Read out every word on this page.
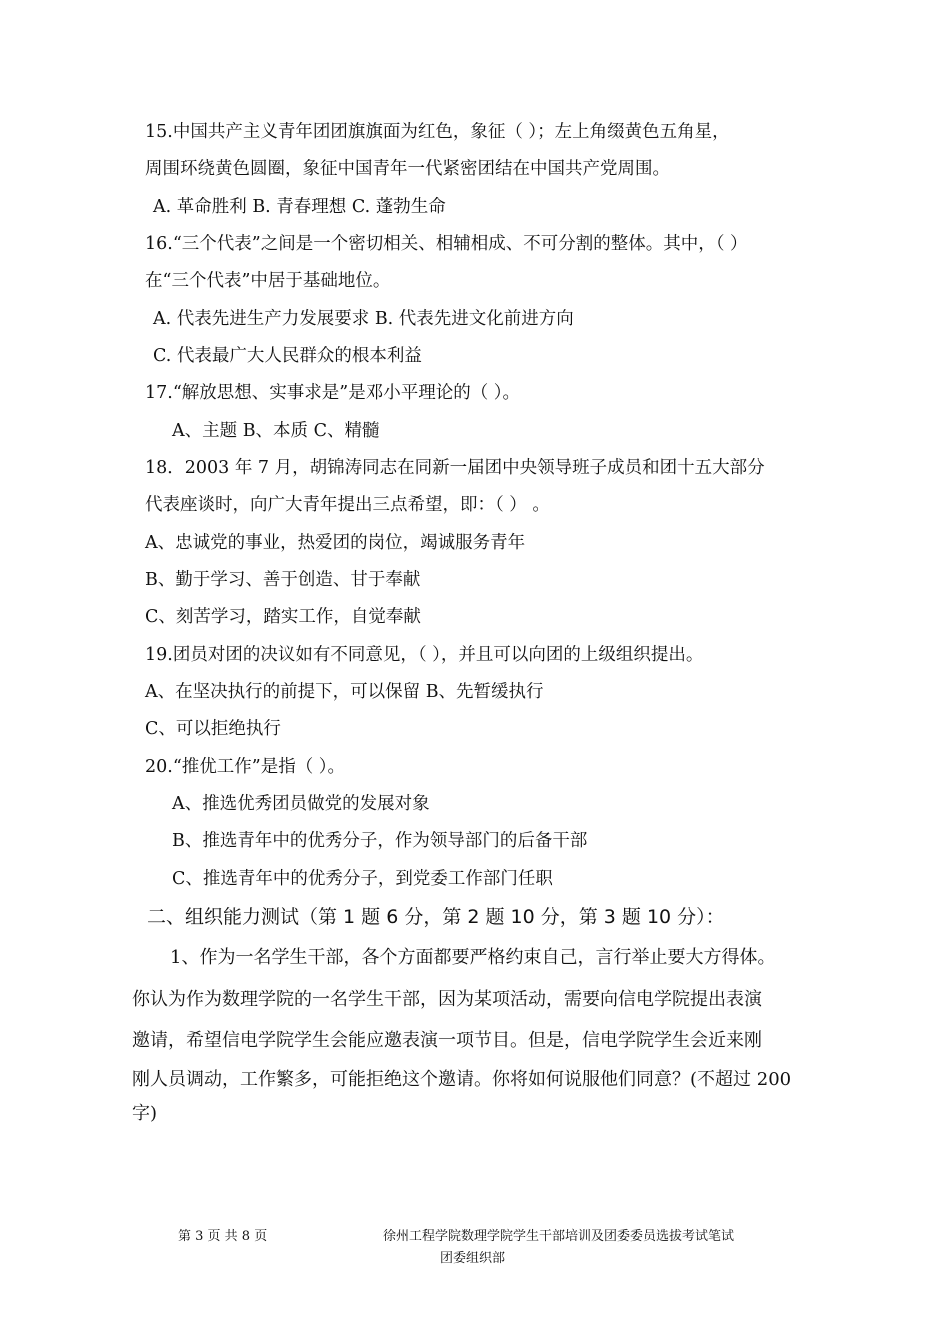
15.中国共产主义青年团团旗旗面为红色，象征（ ）；左上角缀黄色五角星，
周围环绕黄色圆圈，象征中国青年一代紧密团结在中国共产党周围。
A. 革命胜利 B. 青春理想 C. 蓬勃生命
16.“三个代表”之间是一个密切相关、相辅相成、不可分割的整体。其中，（ ）
在“三个代表”中居于基础地位。
A. 代表先进生产力发展要求 B. 代表先进文化前进方向
C. 代表最广大人民群众的根本利益
17.“解放思想、实事求是”是邓小平理论的（ ）。
A、主题 B、本质 C、精髓
18．2003 年 7 月，胡锦涛同志在同新一届团中央领导班子成员和团十五大部分
代表座谈时，向广大青年提出三点希望，即：（ ） 。
A、忠诚党的事业，热爱团的岗位，竭诚服务青年
B、勤于学习、善于创造、甘于奉献
C、刻苦学习，踏实工作，自觉奉献
19.团员对团的决议如有不同意见，（ ），并且可以向团的上级组织提出。
A、在坚决执行的前提下，可以保留 B、先暂缓执行
C、可以拒绝执行
20.“推优工作”是指（ ）。
A、推选优秀团员做党的发展对象
B、推选青年中的优秀分子，作为领导部门的后备干部
C、推选青年中的优秀分子，到党委工作部门任职
二、组织能力测试（第 1 题 6 分，第 2 题 10 分，第 3 题 10 分）：
1、作为一名学生干部，各个方面都要严格约束自己，言行举止要大方得体。
你认为作为数理学院的一名学生干部，因为某项活动，需要向信电学院提出表演
邀请，希望信电学院学生会能应邀表演一项节目。但是，信电学院学生会近来刚
刚人员调动，工作繁多，可能拒绝这个邀请。你将如何说服他们同意？(不超过 200
字)
第 3 页 共 8 页	徐州工程学院数理学院学生干部培训及团委委员选拔考试笔试
团委组织部
